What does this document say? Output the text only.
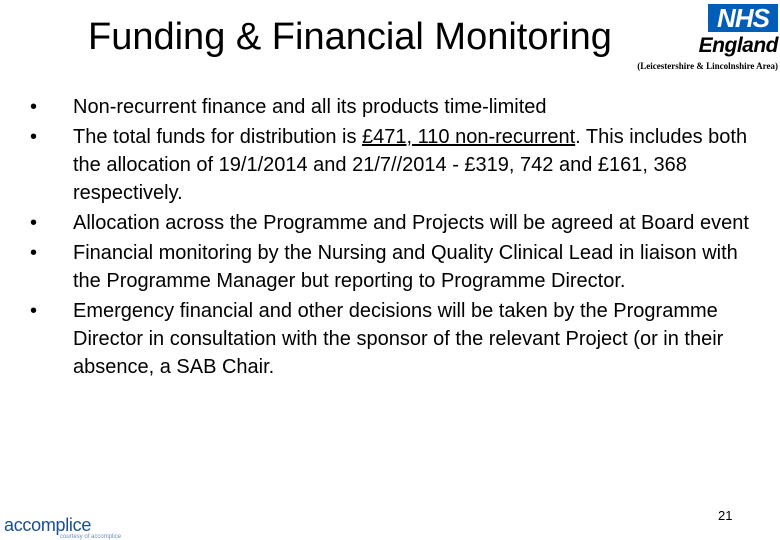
Funding & Financial Monitoring	NHS
England
(Leicestershire & Lincolnshire Area)
• Non-recurrent finance and all its products time-limited
• The total funds for distribution is £471, 110 non-recurrent. This includes both the allocation of 19/1/2014 and 21/7//2014 - £319, 742 and £161, 368 respectively.
• Allocation across the Programme and Projects will be agreed at Board event
• Financial monitoring by the Nursing and Quality Clinical Lead in liaison with the Programme Manager but reporting to Programme Director.
• Emergency financial and other decisions will be taken by the Programme Director in consultation with the sponsor of the relevant Project (or in their absence, a SAB Chair.
21
accomplice
courtesy of accomplice
